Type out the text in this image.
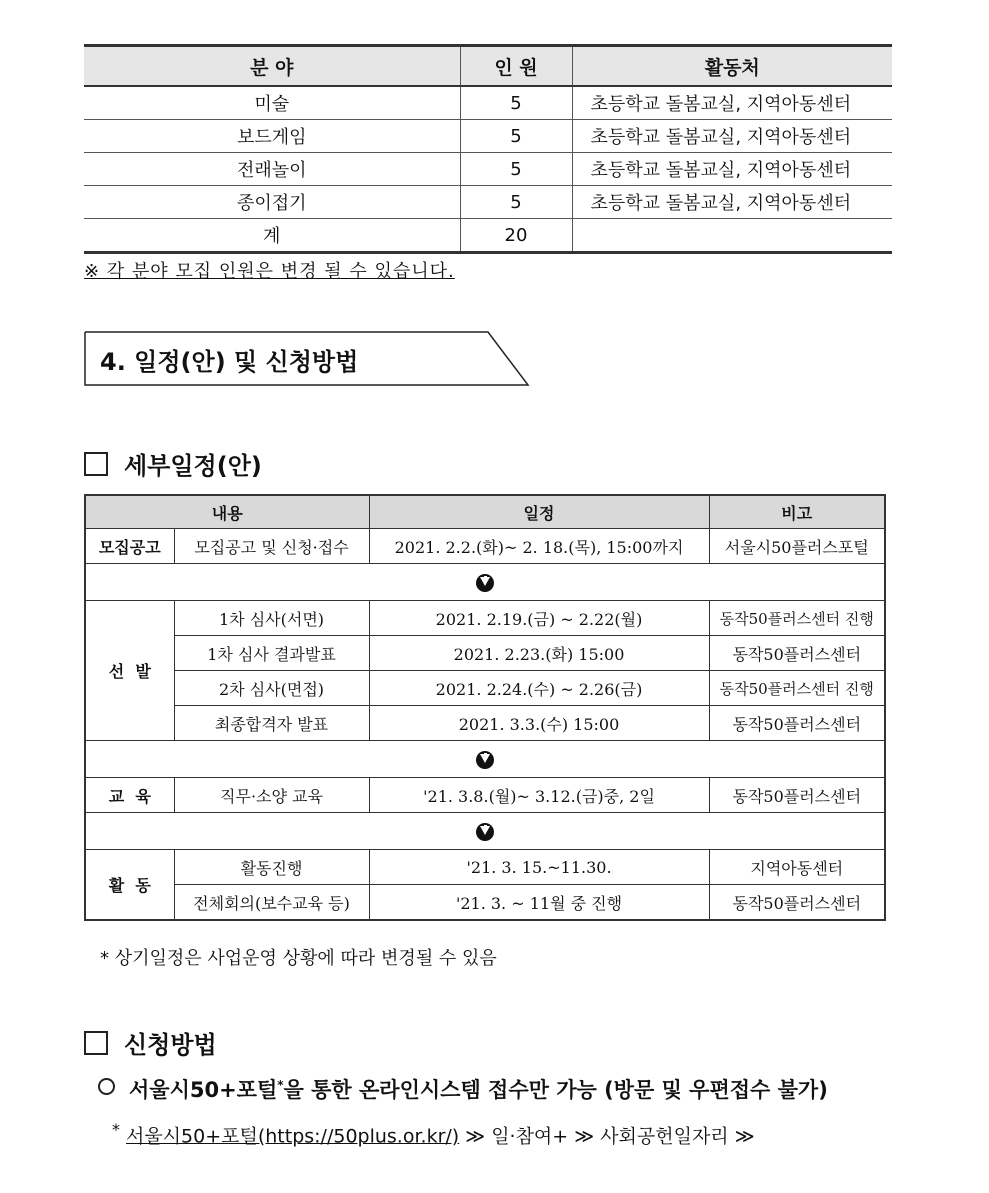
분 야	인 원	활동처
미술	5	초등학교 돌봄교실, 지역아동센터
보드게임	5	초등학교 돌봄교실, 지역아동센터
전래놀이	5	초등학교 돌봄교실, 지역아동센터
종이접기	5	초등학교 돌봄교실, 지역아동센터
계	20	
※ 각 분야 모집 인원은 변경 될 수 있습니다.
4. 일정(안) 및 신청방법
세부일정(안)
내용		일정	비고
모집공고	모집공고 및 신청·접수	2021. 2.2.(화)~ 2. 18.(목), 15:00까지	서울시50플러스포털

선  발	1차 심사(서면)	2021. 2.19.(금) ~ 2.22(월)	동작50플러스센터 진행
	1차 심사 결과발표	2021. 2.23.(화) 15:00	동작50플러스센터
	2차 심사(면접)	2021. 2.24.(수) ~ 2.26(금)	동작50플러스센터 진행
	최종합격자 발표	2021. 3.3.(수) 15:00	동작50플러스센터

교  육	직무·소양 교육	'21. 3.8.(월)~ 3.12.(금)중, 2일	동작50플러스센터

활  동	활동진행	'21. 3. 15.~11.30.	지역아동센터
	전체회의(보수교육 등)	'21. 3. ~ 11월 중 진행	동작50플러스센터
* 상기일정은 사업운영 상황에 따라 변경될 수 있음
신청방법
서울시50+포털*을 통한 온라인시스템 접수만 가능 (방문 및 우편접수 불가)
* 서울시50+포털(https://50plus.or.kr/) ≫ 일·참여+ ≫ 사회공헌일자리 ≫
